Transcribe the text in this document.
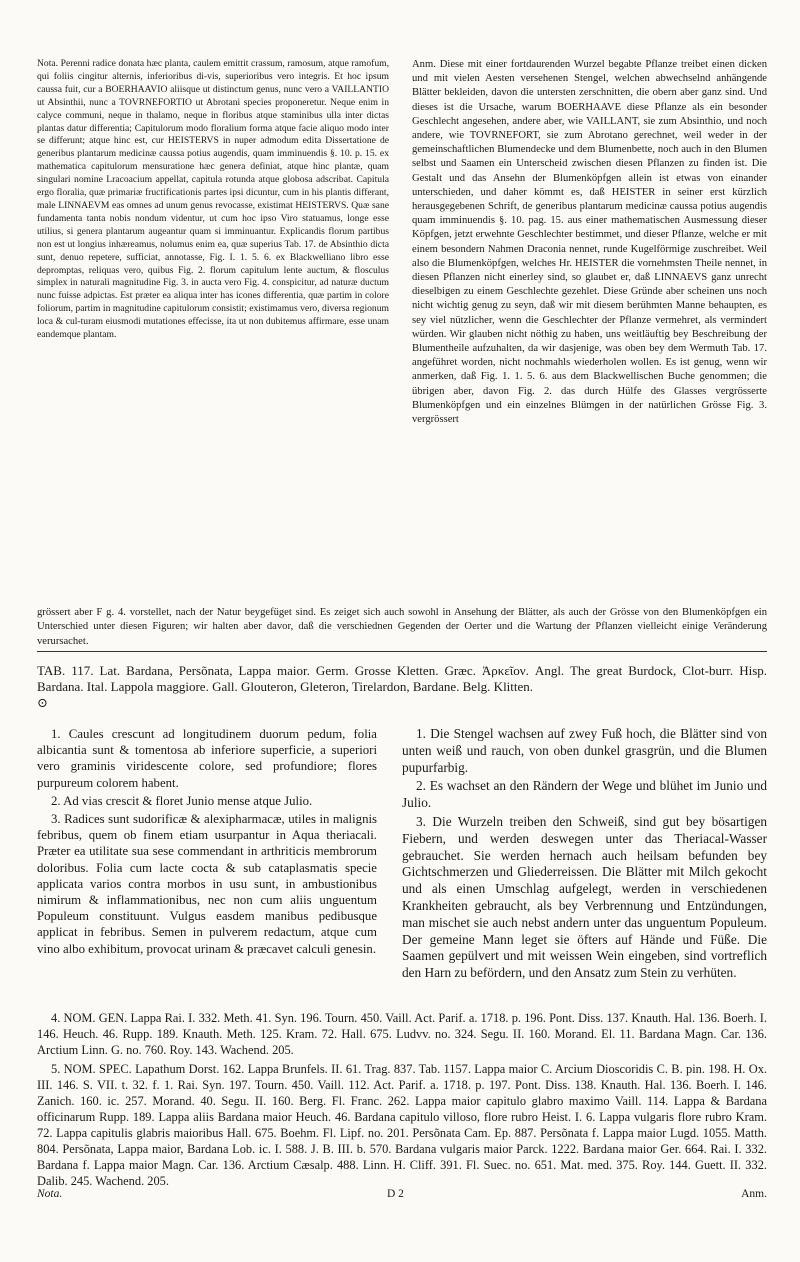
Nota. Perenni radice donata hæc planta, caulem emittit crassum, ramosum, atque ramofum, qui foliis cingitur alternis, inferioribus di-vis, superioribus vero integris. Et hoc ipsum caussa fuit, cur a BOERHAAVIO aliisque ut distinctum genus, nunc vero a VAILLANTIO ut Absinthii, nunc a TOVRNEFORTIO ut Abrotani species proponeretur. Neque enim in calyce communi, neque in thalamo, neque in floribus atque staminibus ulla inter dictas plantas datur differentia; Capitulorum modo floralium forma atque facie aliquo modo inter se differunt; atque hinc est, cur HEISTERVS in nuper admodum edita Dissertatione de generibus plantarum medicinæ caussa potius augendis, quam imminuendis §. 10. p. 15. ex mathematica capitulorum mensuratione hæc genera definiat, atque hinc plantæ, quam singulari nomine Lracoacium appellat, capitula rotunda atque globosa adscribat. Capitula ergo floralia, quæ primariæ fructificationis partes ipsi dicuntur, cum in his plantis differant, male LINNAEVM eas omnes ad unum genus revocasse, existimat HEISTERVS. Quæ sane fundamenta tanta nobis nondum videntur, ut cum hoc ipso Viro statuamus, longe esse utilius, si genera plantarum augeantur quam si imminuantur. Explicandis florum partibus non est ut longius inhæreamus, nolumus enim ea, quæ superius Tab. 17. de Absinthio dicta sunt, denuo repetere, sufficiat, annotasse, Fig. I. 1. 5. 6. ex Blackwellianо libro esse depromptas, reliquas vero, quibus Fig. 2. florum capitulum lente auctum, & flosculus simplex in naturali magnitudine Fig. 3. in aucta vero Fig. 4. conspicitur, ad naturæ ductum nunc fuisse adpictas. Est præter ea aliqua inter has icones differentia, quæ partim in colore foliorum, partim in magnitudine capitulorum consistit; existimamus vero, diversa regionum loca & cul-turam eiusmodi mutationes effecisse, ita ut non dubitemus affirmare, esse unam eandemque plantam.
Anm. Diese mit einer fortdaurenden Wurzel begabte Pflanze treibet einen dicken und mit vielen Aesten versehenen Stengel, welchen abwechselnd anhängende Blätter bekleiden, davon die untersten zerschnitten, die obern aber ganz sind. Und dieses ist die Ursache, warum BOERHAAVE diese Pflanze als ein besonder Geschlecht angesehen, andere aber, wie VAILLANT, sie zum Absinthio, und noch andere, wie TOVRNEFORT, sie zum Abrotano gerechnet, weil weder in der gemeinschaftlichen Blumendecke und dem Blumenbette, noch auch in den Blumen selbst und Saamen ein Unterscheid zwischen diesen Pflanzen zu finden ist. Die Gestalt und das Ansehn der Blumenköpfgen allein ist etwas von einander unterschieden, und daher kömmt es, daß HEISTER in seiner erst kürzlich herausgegebenen Schrift, de generibus plantarum medicinæ caussa potius augendis quam imminuendis §. 10. pag. 15. aus einer mathematischen Ausmessung dieser Köpfgen, jetzt erwehnte Geschlechter bestimmet, und dieser Pflanze, welche er mit einem besondern Nahmen Draconia nennet, runde Kugelförmige zuschreibet. Weil also die Blumenköpfgen, welches Hr. HEISTER die vornehmsten Theile nennet, in diesen Pflanzen nicht einerley sind, so glaubet er, daß LINNAEVS ganz unrecht dieselbigen zu einem Geschlechte gezehlet. Diese Gründe aber scheinen uns noch nicht wichtig genug zu seyn, daß wir mit diesem berühmten Manne behaupten, es sey viel nützlicher, wenn die Geschlechter der Pflanze vermehret, als vermindert würden. Wir glauben nicht nöthig zu haben, uns weitläuftig bey Beschreibung der Blumentheile aufzuhalten, da wir dasjenige, was oben bey dem Wermuth Tab. 17. angeführet worden, nicht nochmahls wiederholen wollen. Es ist genug, wenn wir anmerken, daß Fig. 1. 1. 5. 6. aus dem Blackwellischen Buche genommen; die übrigen aber, davon Fig. 2. das durch Hülfe des Glasses vergrösserte Blumenköpfgen und ein einzelnes Blümgen in der natürlichen Grösse Fig. 3. vergrössert
grössert aber F g. 4. vorstellet, nach der Natur beygefüget sind. Es zeiget sich auch sowohl in Ansehung der Blätter, als auch der Grösse von den Blumenköpfgen ein Unterschied unter diesen Figuren; wir halten aber davor, daß die verschiednen Gegenden der Oerter und die Wartung der Pflanzen vielleicht einige Veränderung verursachet.
TAB. 117. Lat. Bardana, Persõnata, Lappa maior. Germ. Grosse Kletten. Græc. Ἀρκεῖον. Angl. The great Burdock, Clot-burr. Hisp. Bardana. Ital. Lappola maggiore. Gall. Glouteron, Gleteron, Tirelardon, Bardane. Belg. Klitten.
⊙

1. Caules crescunt ad longitudinem duorum pedum, folia albicantia sunt & tomentosa ab inferiore superficie, a superiori vero graminis viridescente colore, sed profundiore; flores purpureum colorem habent.

2. Ad vias crescit & floret Junio mense atque Julio.

3. Radices sunt sudorificæ & alexipharmacæ, utiles in malignis febribus, quem ob finem etiam usurpantur in Aqua theriacali. Præter ea utilitate sua sese commendant in arthriticis membrorum doloribus. Folia cum lacte cocta & sub cataplasmatis specie applicata varios contra morbos in usu sunt, in ambustionibus nimirum & inflammationibus, nec non cum aliis unguentum Populeum constituunt. Vulgus easdem manibus pedibusque applicat in febribus. Semen in pulverem redactum, atque cum vino albo exhibitum, provocat urinam & præcavet calculi genesin.

1. Die Stengel wachsen auf zwey Fuß hoch, die Blätter sind von unten weiß und rauch, von oben dunkel grasgrün, und die Blumen pupurfarbig.

2. Es wachset an den Rändern der Wege und blühet im Junio und Julio.

3. Die Wurzeln treiben den Schweiß, sind gut bey bösartigen Fiebern, und werden deswegen unter das Theriacal-Wasser gebrauchet. Sie werden hernach auch heilsam befunden bey Gichtschmerzen und Gliederreissen. Die Blätter mit Milch gekocht und als einen Umschlag aufgelegt, werden in verschiedenen Krankheiten gebraucht, als bey Verbrennung und Entzündungen, man mischet sie auch nebst andern unter das unguentum Populeum. Der gemeine Mann leget sie öfters auf Hände und Füße. Die Saamen gepülvert und mit weissen Wein eingeben, sind vortreflich den Harn zu befördern, und den Ansatz zum Stein zu verhüten.

4. NOM. GEN. Lappa Rai. I. 332. Meth. 41. Syn. 196. Tourn. 450. Vaill. Act. Parif. a. 1718. p. 196. Pont. Diss. 137. Knauth. Hal. 136. Boerh. I. 146. Heuch. 46. Rupp. 189. Knauth. Meth. 125. Kram. 72. Hall. 675. Ludvv. no. 324. Segu. II. 160. Morand. El. 11. Bardana Magn. Car. 136. Arctium Linn. G. no. 760. Roy. 143. Wachend. 205.

5. NOM. SPEC. Lapathum Dorst. 162. Lappa Brunfels. II. 61. Trag. 837. Tab. 1157. Lappa maior C. Arcium Dioscoridis C. B. pin. 198. H. Ox. III. 146. S. VII. t. 32. f. 1. Rai. Syn. 197. Tourn. 450. Vaill. 112. Act. Parif. a. 1718. p. 197. Pont. Diss. 138. Knauth. Hal. 136. Boerh. I. 146. Zanich. 160. ic. 257. Morand. 40. Segu. II. 160. Berg. Fl. Franc. 262. Lappa maior capitulo glabro maximo Vaill. 114. Lappa & Bardana officinarum Rupp. 189. Lappa aliis Bardana maior Heuch. 46. Bardana capitulo villoso, flore rubro Heist. I. 6. Lappa vulgaris flore rubro Kram. 72. Lappa capitulis glabris maioribus Hall. 675. Boehm. Fl. Lipf. no. 201. Persõnata Cam. Ep. 887. Persõnata f. Lappa maior Lugd. 1055. Matth. 804. Persõnata, Lappa maior, Bardana Lob. ic. I. 588. J. B. III. b. 570. Bardana vulgaris maior Parck. 1222. Bardana maior Ger. 664. Rai. I. 332. Bardana f. Lappa maior Magn. Car. 136. Arctium Cæsalp. 488. Linn. H. Cliff. 391. Fl. Suec. no. 651. Mat. med. 375. Roy. 144. Guett. II. 332. Dalib. 245. Wachend. 205.

Nota.	D 2	Anm.
